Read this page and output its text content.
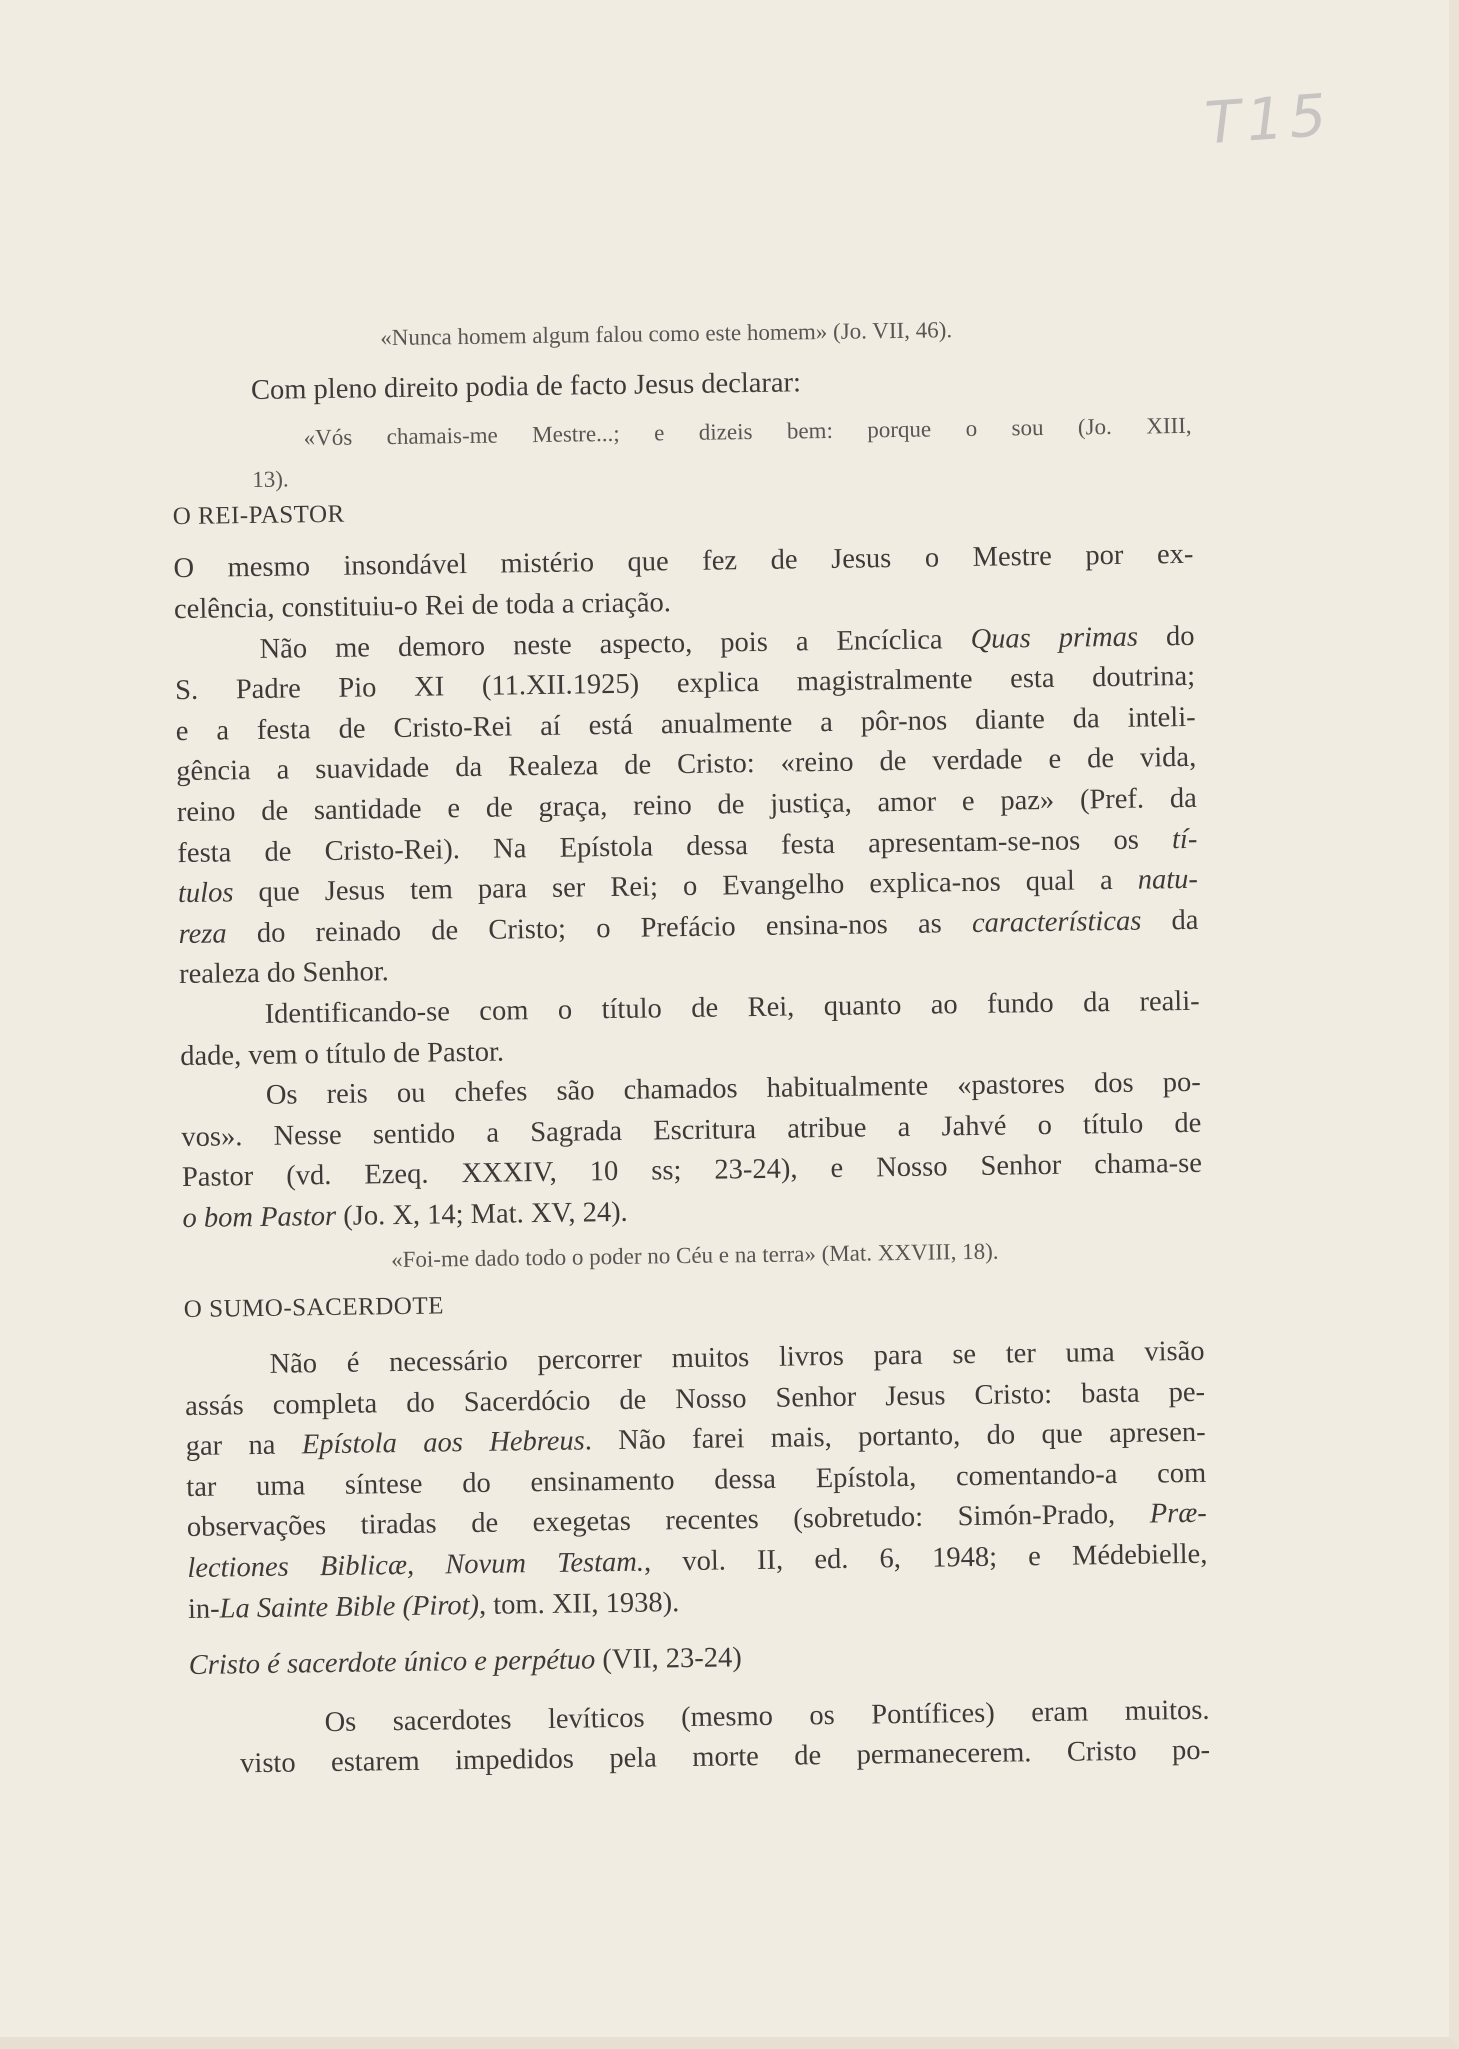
T15
«Nunca homem algum falou como este homem» (Jo. VII, 46).
Com pleno direito podia de facto Jesus declarar:
«Vós chamais-me Mestre...; e dizeis bem: porque o sou (Jo. XIII,
13).
O REI-PASTOR
O mesmo insondável mistério que fez de Jesus o Mestre por ex-
celência, constituiu-o Rei de toda a criação.
Não me demoro neste aspecto, pois a Encíclica Quas primas do
S. Padre Pio XI (11.XII.1925) explica magistralmente esta doutrina;
e a festa de Cristo-Rei aí está anualmente a pôr-nos diante da inteli-
gência a suavidade da Realeza de Cristo: «reino de verdade e de vida,
reino de santidade e de graça, reino de justiça, amor e paz» (Pref. da
festa de Cristo-Rei). Na Epístola dessa festa apresentam-se-nos os tí-
tulos que Jesus tem para ser Rei; o Evangelho explica-nos qual a natu-
reza do reinado de Cristo; o Prefácio ensina-nos as características da
realeza do Senhor.
Identificando-se com o título de Rei, quanto ao fundo da reali-
dade, vem o título de Pastor.
Os reis ou chefes são chamados habitualmente «pastores dos po-
vos». Nesse sentido a Sagrada Escritura atribue a Jahvé o título de
Pastor (vd. Ezeq. XXXIV, 10 ss; 23-24), e Nosso Senhor chama-se
o bom Pastor (Jo. X, 14; Mat. XV, 24).
«Foi-me dado todo o poder no Céu e na terra» (Mat. XXVIII, 18).
O SUMO-SACERDOTE
Não é necessário percorrer muitos livros para se ter uma visão
assás completa do Sacerdócio de Nosso Senhor Jesus Cristo: basta pe-
gar na Epístola aos Hebreus. Não farei mais, portanto, do que apresen-
tar uma síntese do ensinamento dessa Epístola, comentando-a com
observações tiradas de exegetas recentes (sobretudo: Simón-Prado, Præ-
lectiones Biblicæ, Novum Testam., vol. II, ed. 6, 1948; e Médebielle,
in-La Sainte Bible (Pirot), tom. XII, 1938).
Cristo é sacerdote único e perpétuo (VII, 23-24)
Os sacerdotes levíticos (mesmo os Pontífices) eram muitos.
visto estarem impedidos pela morte de permanecerem. Cristo po-
